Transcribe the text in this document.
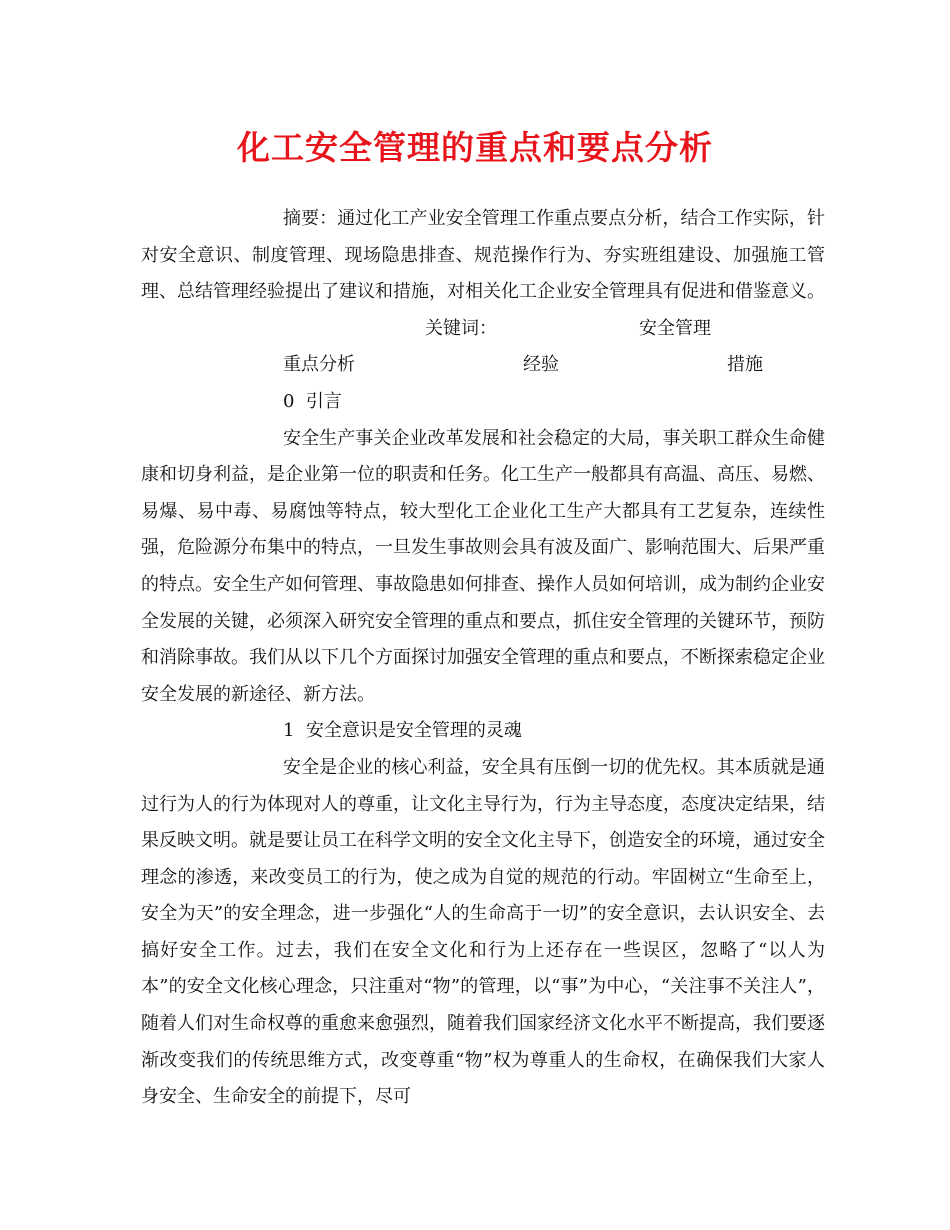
化工安全管理的重点和要点分析

摘要：通过化工产业安全管理工作重点要点分析，结合工作实际，针对安全意识、制度管理、现场隐患排查、规范操作行为、夯实班组建设、加强施工管理、总结管理经验提出了建议和措施，对相关化工企业安全管理具有促进和借鉴意义。

关键词：	安全管理重点分析	经验	措施

0  引言

安全生产事关企业改革发展和社会稳定的大局，事关职工群众生命健康和切身利益，是企业第一位的职责和任务。化工生产一般都具有高温、高压、易燃、易爆、易中毒、易腐蚀等特点，较大型化工企业化工生产大都具有工艺复杂，连续性强，危险源分布集中的特点，一旦发生事故则会具有波及面广、影响范围大、后果严重的特点。安全生产如何管理、事故隐患如何排查、操作人员如何培训，成为制约企业安全发展的关键，必须深入研究安全管理的重点和要点，抓住安全管理的关键环节，预防和消除事故。我们从以下几个方面探讨加强安全管理的重点和要点，不断探索稳定企业安全发展的新途径、新方法。

1  安全意识是安全管理的灵魂

安全是企业的核心利益，安全具有压倒一切的优先权。其本质就是通过行为人的行为体现对人的尊重，让文化主导行为，行为主导态度，态度决定结果，结果反映文明。就是要让员工在科学文明的安全文化主导下，创造安全的环境，通过安全理念的渗透，来改变员工的行为，使之成为自觉的规范的行动。牢固树立“生命至上，安全为天”的安全理念，进一步强化“人的生命高于一切”的安全意识，去认识安全、去搞好安全工作。过去，我们在安全文化和行为上还存在一些误区，忽略了“以人为本”的安全文化核心理念，只注重对“物”的管理，以“事”为中心，“关注事不关注人”，随着人们对生命权尊的重愈来愈强烈，随着我们国家经济文化水平不断提高，我们要逐渐改变我们的传统思维方式，改变尊重“物”权为尊重人的生命权，在确保我们大家人身安全、生命安全的前提下，尽可
